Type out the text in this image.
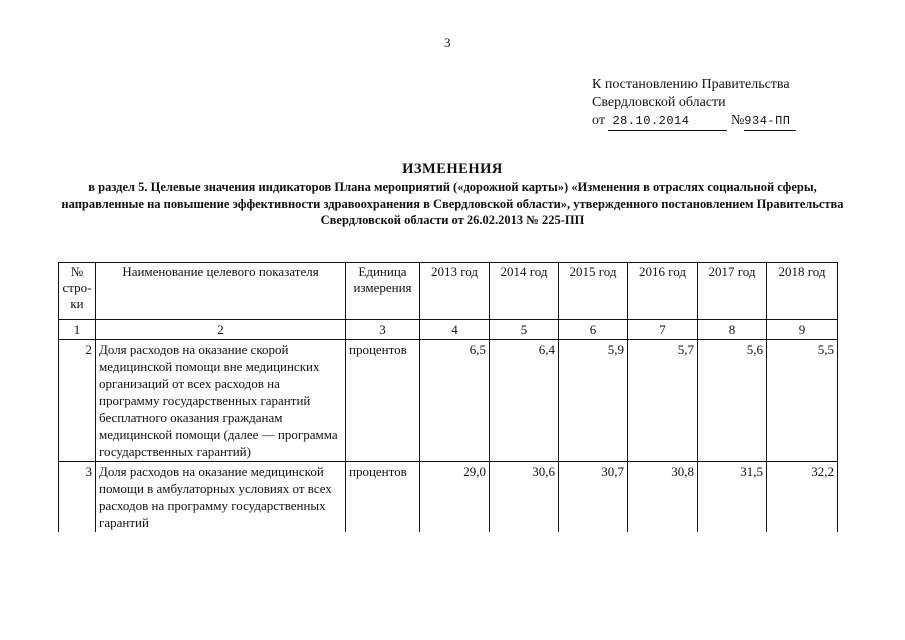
3
К постановлению Правительства
Свердловской области
от 28.10.2014	№934-ПП
ИЗМЕНЕНИЯ
в раздел 5. Целевые значения индикаторов Плана мероприятий («дорожной карты») «Изменения в отраслях социальной сферы, направленные на повышение эффективности здравоохранения в Свердловской области», утвержденного постановлением Правительства Свердловской области от 26.02.2013 № 225-ПП
№ стро-ки	Наименование целевого показателя	Единица измерения	2013 год	2014 год	2015 год	2016 год	2017 год	2018 год
1	2	3	4	5	6	7	8	9
2	Доля расходов на оказание скорой медицинской помощи вне медицинских организаций от всех расходов на программу государственных гарантий бесплатного оказания гражданам медицинской помощи (далее — программа государственных гарантий)	процентов	6,5	6,4	5,9	5,7	5,6	5,5
3	Доля расходов на оказание медицинской помощи в амбулаторных условиях от всех расходов на программу государственных гарантий	процентов	29,0	30,6	30,7	30,8	31,5	32,2
